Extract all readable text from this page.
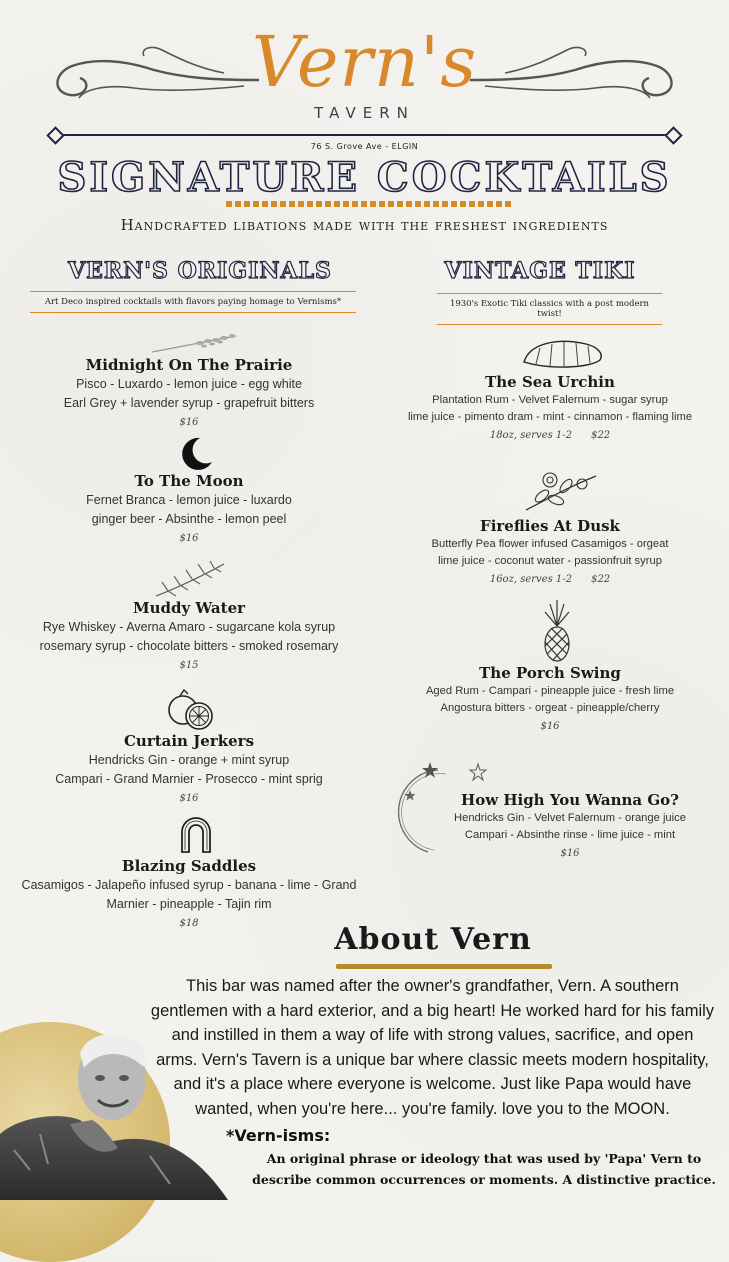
Vern's
TAVERN
76 S. Grove Ave - ELGIN
SIGNATURE COCKTAILS
Handcrafted libations made with the freshest ingredients
VERN'S ORIGINALS
Art Deco inspired cocktails with flavors paying homage to Vernisms*
VINTAGE TIKI
1930's Exotic Tiki classics with a post modern twist!
Midnight On The Prairie
Pisco - Luxardo - lemon juice - egg white
Earl Grey + lavender syrup - grapefruit bitters
$16
To The Moon
Fernet Branca - lemon juice - luxardo
ginger beer - Absinthe - lemon peel
$16
Muddy Water
Rye Whiskey - Averna Amaro - sugarcane kola syrup
rosemary syrup - chocolate bitters - smoked rosemary
$15
Curtain Jerkers
Hendricks Gin - orange + mint syrup
Campari - Grand Marnier - Prosecco - mint sprig
$16
Blazing Saddles
Casamigos - Jalapeño infused syrup - banana - lime - Grand
Marnier - pineapple - Tajin rim
$18
The Sea Urchin
Plantation Rum - Velvet Falernum - sugar syrup
lime juice - pimento dram - mint - cinnamon - flaming lime
18oz, serves 1-2      $22
Fireflies At Dusk
Butterfly Pea flower infused Casamigos - orgeat
lime juice - coconut water - passionfruit syrup
16oz, serves 1-2      $22
The Porch Swing
Aged Rum - Campari - pineapple juice - fresh lime
Angostura bitters - orgeat - pineapple/cherry
$16
How High You Wanna Go?
Hendricks Gin - Velvet Falernum - orange juice
Campari - Absinthe rinse - lime juice - mint
$16
About Vern
This bar was named after the owner's grandfather, Vern. A southern gentlemen with a hard exterior, and a big heart! He worked hard for his family and instilled in them a way of life with strong values, sacrifice, and open arms. Vern's Tavern is a unique bar where classic meets modern hospitality, and it's a place where everyone is welcome. Just like Papa would have wanted, when you're here... you're family. love you to the MOON.
*Vern-isms:
An original phrase or ideology that was used by 'Papa' Vern to describe common occurrences or moments. A distinctive practice.
